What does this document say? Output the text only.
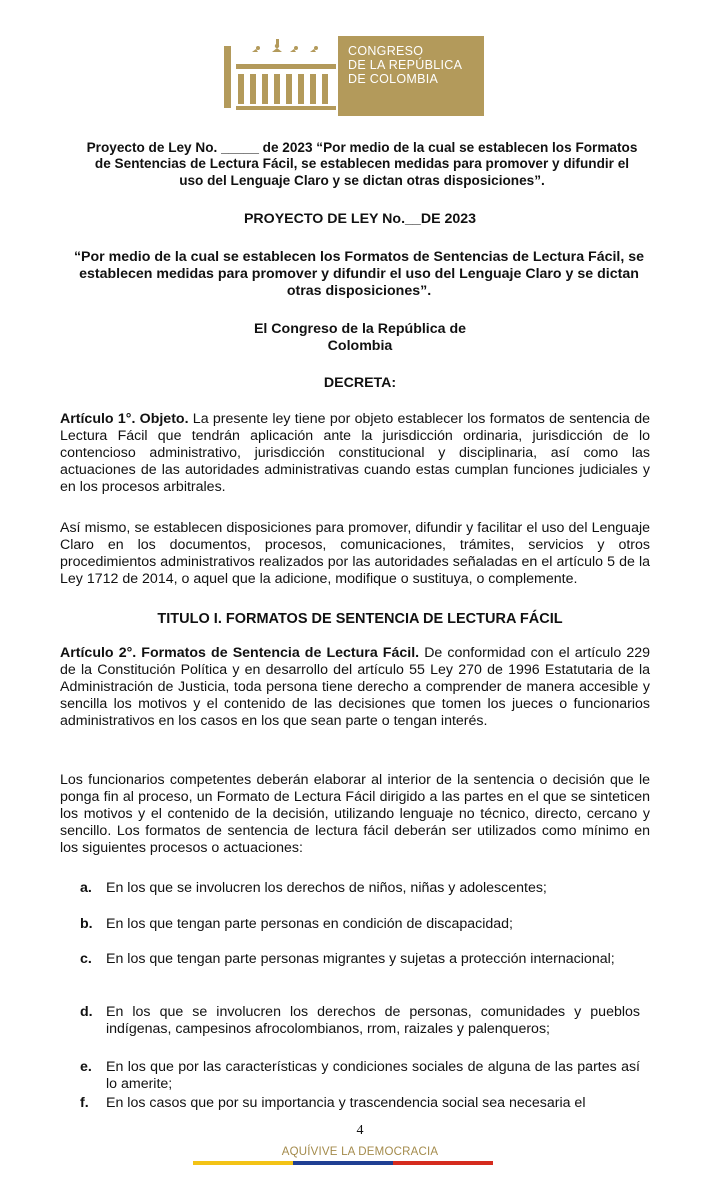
CONGRESO
DE LA REPÚBLICA
DE COLOMBIA

Proyecto de Ley No. _____ de 2023 “Por medio de la cual se establecen los Formatos de Sentencias de Lectura Fácil, se establecen medidas para promover y difundir el uso del Lenguaje Claro y se dictan otras disposiciones”.

PROYECTO DE LEY No.__DE 2023

“Por medio de la cual se establecen los Formatos de Sentencias de Lectura Fácil, se establecen medidas para promover y difundir el uso del Lenguaje Claro y se dictan otras disposiciones”.

El Congreso de la República de Colombia

DECRETA:

Artículo 1°. Objeto. La presente ley tiene por objeto establecer los formatos de sentencia de Lectura Fácil que tendrán aplicación ante la jurisdicción ordinaria, jurisdicción de lo contencioso administrativo, jurisdicción constitucional y disciplinaria, así como las actuaciones de las autoridades administrativas cuando estas cumplan funciones judiciales y en los procesos arbitrales.

Así mismo, se establecen disposiciones para promover, difundir y facilitar el uso del Lenguaje Claro en los documentos, procesos, comunicaciones, trámites, servicios y otros procedimientos administrativos realizados por las autoridades señaladas en el artículo 5 de la Ley 1712 de 2014, o aquel que la adicione, modifique o sustituya, o complemente.

TITULO I. FORMATOS DE SENTENCIA DE LECTURA FÁCIL

Artículo 2°. Formatos de Sentencia de Lectura Fácil. De conformidad con el artículo 229 de la Constitución Política y en desarrollo del artículo 55 Ley 270 de 1996 Estatutaria de la Administración de Justicia, toda persona tiene derecho a comprender de manera accesible y sencilla los motivos y el contenido de las decisiones que tomen los jueces o funcionarios administrativos en los casos en los que sean parte o tengan interés.

Los funcionarios competentes deberán elaborar al interior de la sentencia o decisión que le ponga fin al proceso, un Formato de Lectura Fácil dirigido a las partes en el que se sinteticen los motivos y el contenido de la decisión, utilizando lenguaje no técnico, directo, cercano y sencillo. Los formatos de sentencia de lectura fácil deberán ser utilizados como mínimo en los siguientes procesos o actuaciones:

a. En los que se involucren los derechos de niños, niñas y adolescentes;
b. En los que tengan parte personas en condición de discapacidad;
c. En los que tengan parte personas migrantes y sujetas a protección internacional;
d. En los que se involucren los derechos de personas, comunidades y pueblos indígenas, campesinos afrocolombianos, rrom, raizales y palenqueros;
e. En los que por las características y condiciones sociales de alguna de las partes así lo amerite;
f.	En los casos que por su importancia y trascendencia social sea necesaria el
4
AQUÍVIVE LA DEMOCRACIA
